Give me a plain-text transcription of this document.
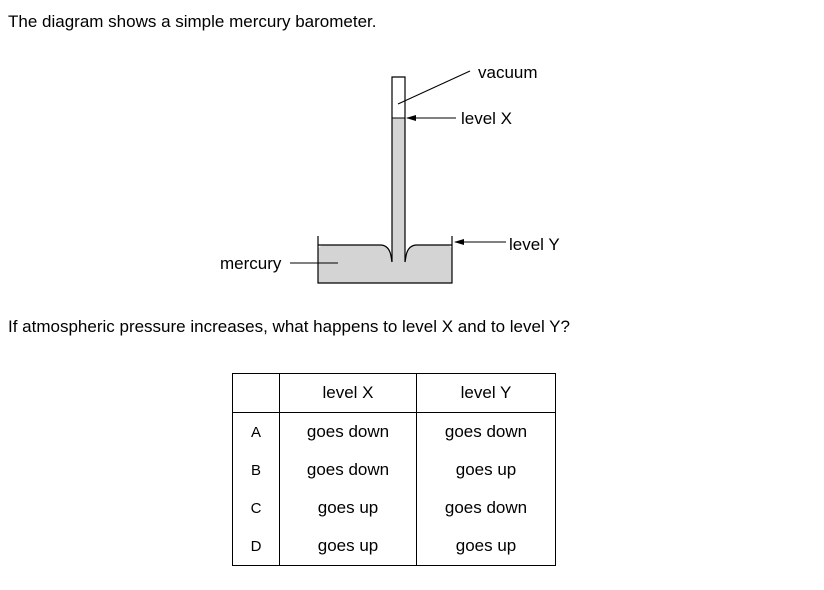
The diagram shows a simple mercury barometer.

vacuum
level X
level Y
mercury

If atmospheric pressure increases, what happens to level X and to level Y?

	level X	level Y
A	goes down	goes down
B	goes down	goes up
C	goes up	goes down
D	goes up	goes up
